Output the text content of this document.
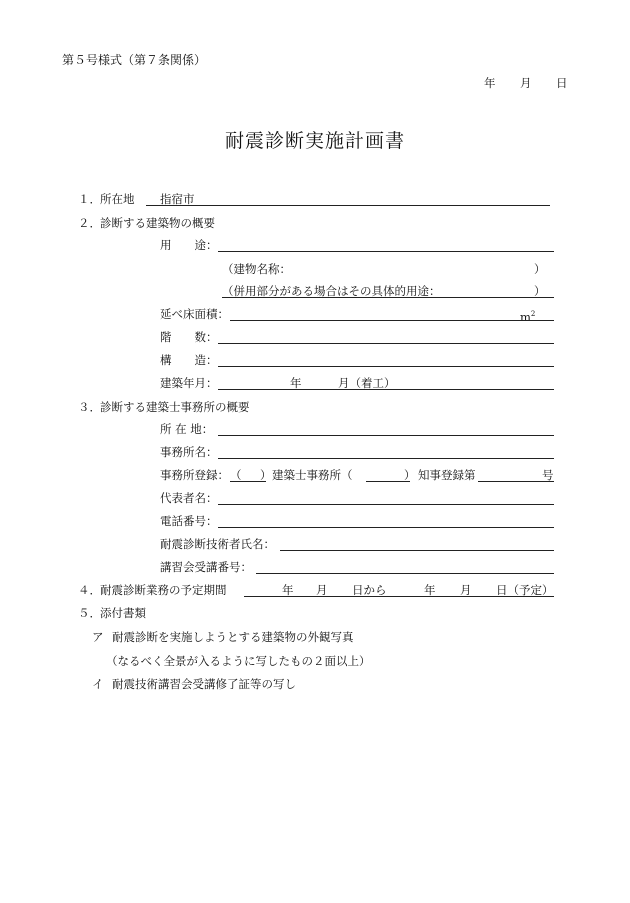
第５号様式（第７条関係）
年 月 日
耐震診断実施計画書
１． 所在地 指宿市
２． 診断する建築物の概要
用　　途：
（建物名称：	）
（併用部分がある場合はその具体的用途：	）
延べ床面積：	$m^2$
階　　数：
構　　造：
建築年月：	年	月（着工）
３． 診断する建築士事務所の概要
所 在 地：
事務所名：
事務所登録： （ ） 建築士事務所（	） 知事登録第	号
代表者名：
電話番号：
耐震診断技術者氏名：
講習会受講番号：
４． 耐震診断業務の予定期間	年 月 日から	年 月 日（予定）
５． 添付書類
ア 耐震診断を実施しようとする建築物の外観写真
（なるべく全景が入るように写したもの２面以上）
イ 耐震技術講習会受講修了証等の写し
